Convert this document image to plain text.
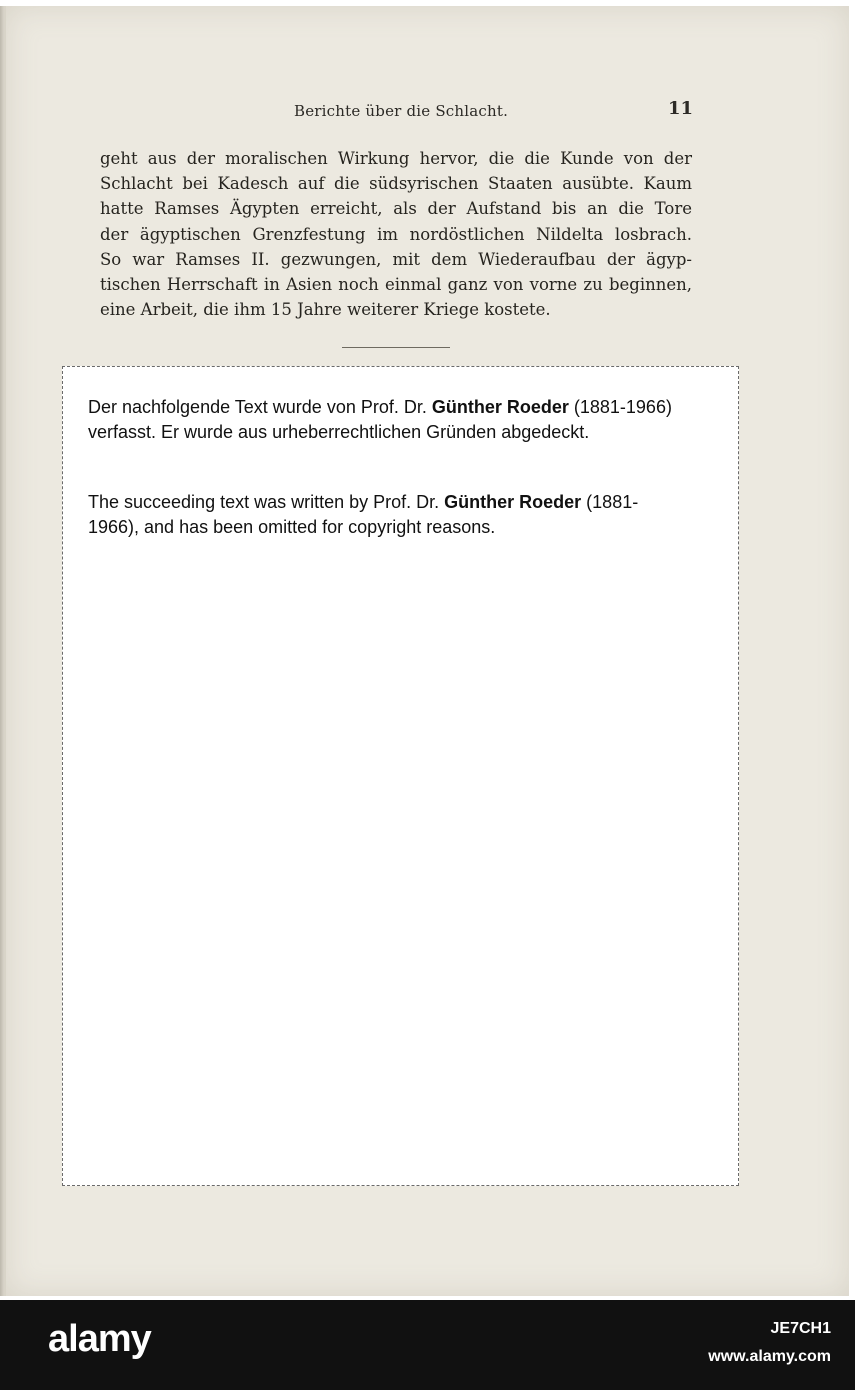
Berichte über die Schlacht.	11

geht aus der moralischen Wirkung hervor, die die Kunde von der
Schlacht bei Kadesch auf die südsyrischen Staaten ausübte. Kaum
hatte Ramses Ägypten erreicht, als der Aufstand bis an die Tore
der ägyptischen Grenzfestung im nordöstlichen Nildelta losbrach.
So war Ramses II. gezwungen, mit dem Wiederaufbau der ägyp-
tischen Herrschaft in Asien noch einmal ganz von vorne zu beginnen,
eine Arbeit, die ihm 15 Jahre weiterer Kriege kostete.

Der nachfolgende Text wurde von Prof. Dr. Günther Roeder (1881-1966) verfasst. Er wurde aus urheberrechtlichen Gründen abgedeckt.

The succeeding text was written by Prof. Dr. Günther Roeder (1881-1966), and has been omitted for copyright reasons.

alamy	JE7CH1
www.alamy.com
